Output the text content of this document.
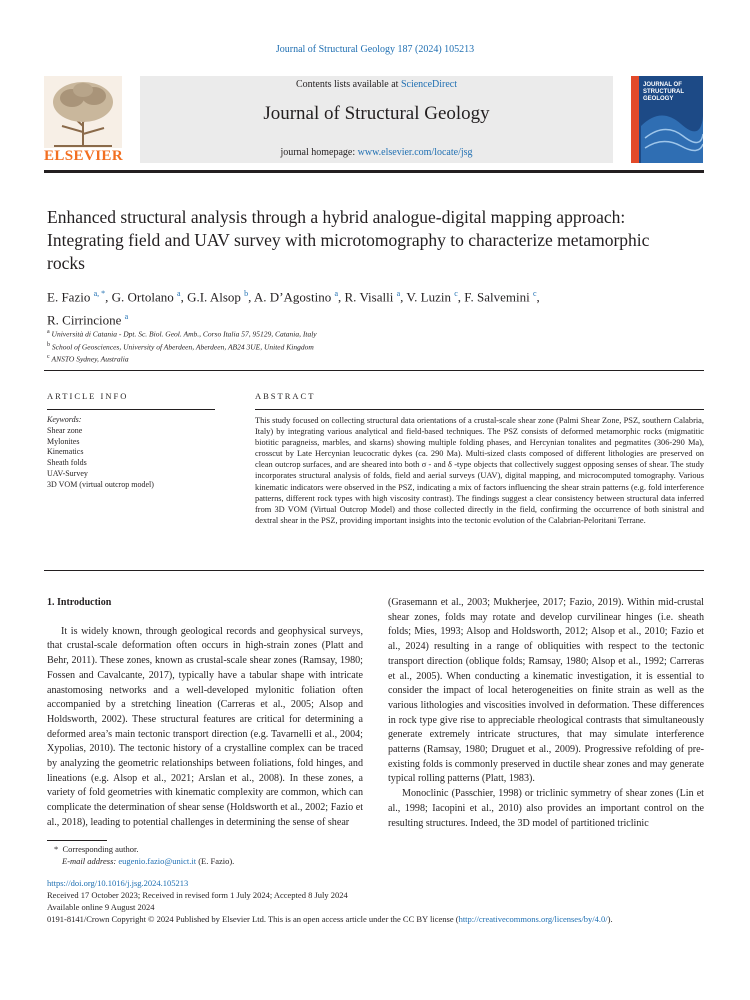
Journal of Structural Geology 187 (2024) 105213
ELSEVIER
Contents lists available at ScienceDirect
Journal of Structural Geology
journal homepage: www.elsevier.com/locate/jsg
JOURNAL OF STRUCTURAL GEOLOGY
Enhanced structural analysis through a hybrid analogue-digital mapping approach: Integrating field and UAV survey with microtomography to characterize metamorphic rocks
E. Fazio $^{a, *}$, G. Ortolano $^a$, G.I. Alsop $^b$, A. D’Agostino $^a$, R. Visalli $^a$, V. Luzin $^c$, F. Salvemini $^c$,
R. Cirrincione $^a$
$^a$ Università di Catania - Dpt. Sc. Biol. Geol. Amb., Corso Italia 57, 95129, Catania, Italy
$^b$ School of Geosciences, University of Aberdeen, Aberdeen, AB24 3UE, United Kingdom
$^c$ ANSTO Sydney, Australia
ARTICLE INFO	ABSTRACT
Keywords:
Shear zone
Mylonites
Kinematics
Sheath folds
UAV-Survey
3D VOM (virtual outcrop model)
This study focused on collecting structural data orientations of a crustal-scale shear zone (Palmi Shear Zone, PSZ, southern Calabria, Italy) by integrating various analytical and field-based techniques. The PSZ consists of deformed metamorphic rocks (migmatitic biotitic paragneiss, marbles, and skarns) showing multiple folding phases, and Hercynian tonalites and pegmatites (306-290 Ma), crosscut by Late Hercynian leucocratic dykes (ca. 290 Ma). Multi-sized clasts composed of different lithologies are preserved on clean outcrop surfaces, and are sheared into both σ - and δ -type objects that collectively suggest opposing senses of shear. The study incorporates structural analysis of folds, field and aerial surveys (UAV), digital mapping, and microcomputed tomography. Various kinematic indicators were observed in the PSZ, indicating a mix of factors influencing the shear strain patterns (e.g. fold interference patterns, different rock types with high viscosity contrast). The findings suggest a clear consistency between structural data inferred from 3D VOM (Virtual Outcrop Model) and those collected directly in the field, confirming the occurrence of both sinistral and dextral shear in the PSZ, providing important insights into the tectonic evolution of the Calabrian-Peloritani Terrane.
1. Introduction

It is widely known, through geological records and geophysical surveys, that crustal-scale deformation often occurs in high-strain zones (Platt and Behr, 2011). These zones, known as crustal-scale shear zones (Ramsay, 1980; Fossen and Cavalcante, 2017), typically have a tabular shape with intricate anastomosing networks and a well-developed mylonitic foliation often accompanied by a stretching lineation (Carreras et al., 2005; Alsop and Holdsworth, 2002). These structural features are critical for determining a deformed area’s main tectonic transport direction (e.g. Tavarnelli et al., 2004; Xypolias, 2010). The tectonic history of a crystalline complex can be traced by analyzing the geometric relationships between foliations, fold hinges, and lineations (e.g. Alsop et al., 2021; Arslan et al., 2008). In these zones, a variety of fold geometries with kinematic complexity are common, which can complicate the determination of shear sense (Holdsworth et al., 2002; Fazio et al., 2018), leading to potential challenges in determining the sense of shear

(Grasemann et al., 2003; Mukherjee, 2017; Fazio, 2019). Within mid-crustal shear zones, folds may rotate and develop curvilinear hinges (i.e. sheath folds; Mies, 1993; Alsop and Holdsworth, 2012; Alsop et al., 2010; Fazio et al., 2024) resulting in a range of obliquities with respect to the tectonic transport direction (oblique folds; Ramsay, 1980; Alsop et al., 1992; Carreras et al., 2005). When conducting a kinematic investigation, it is essential to consider the impact of local heterogeneities on finite strain as well as the various lithologies and viscosities involved in deformation. These differences in rock type give rise to appreciable rheological contrasts that simultaneously generate extremely intricate structures, that may simulate interference patterns (Ramsay, 1980; Druguet et al., 2009). Progressive refolding of pre-existing folds is commonly preserved in ductile shear zones and may generate typical rolling patterns (Platt, 1983).

Monoclinic (Passchier, 1998) or triclinic symmetry of shear zones (Lin et al., 1998; Iacopini et al., 2010) also provides an important control on the resulting structures. Indeed, the 3D model of partitioned triclinic

* Corresponding author.
E-mail address: eugenio.fazio@unict.it (E. Fazio).
https://doi.org/10.1016/j.jsg.2024.105213
Received 17 October 2023; Received in revised form 1 July 2024; Accepted 8 July 2024
Available online 9 August 2024
0191-8141/Crown Copyright © 2024 Published by Elsevier Ltd. This is an open access article under the CC BY license (http://creativecommons.org/licenses/by/4.0/).
